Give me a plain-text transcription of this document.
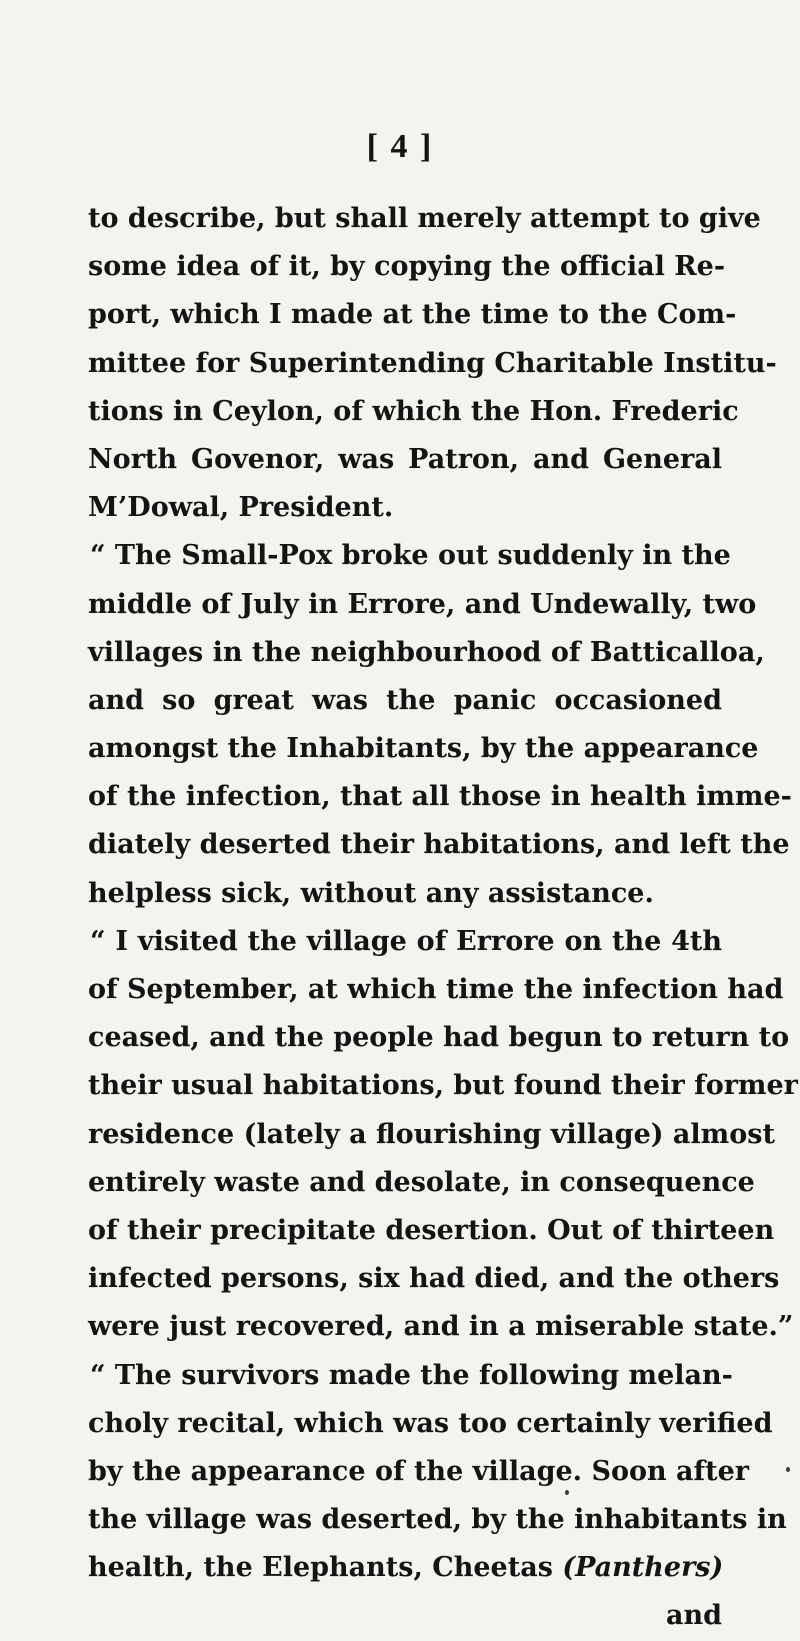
[ 4 ]
to describe, but shall merely attempt to give
some idea of it, by copying the official Re-
port, which I made at the time to the Com-
mittee for Superintending Charitable Institu-
tions in Ceylon, of which the Hon. Frederic
North Govenor, was Patron, and General
M’Dowal, President.
“ The Small-Pox broke out suddenly in the
middle of July in Errore, and Undewally, two
villages in the neighbourhood of Batticalloa,
and so great was the panic occasioned
amongst the Inhabitants, by the appearance
of the infection, that all those in health imme-
diately deserted their habitations, and left the
helpless sick, without any assistance.
“ I visited the village of Errore on the 4th
of September, at which time the infection had
ceased, and the people had begun to return to
their usual habitations, but found their former
residence (lately a flourishing village) almost
entirely waste and desolate, in consequence
of their precipitate desertion. Out of thirteen
infected persons, six had died, and the others
were just recovered, and in a miserable state.”
“ The survivors made the following melan-
choly recital, which was too certainly verified
by the appearance of the village. Soon after
the village was deserted, by the inhabitants in
health, the Elephants, Cheetas (Panthers)
and
